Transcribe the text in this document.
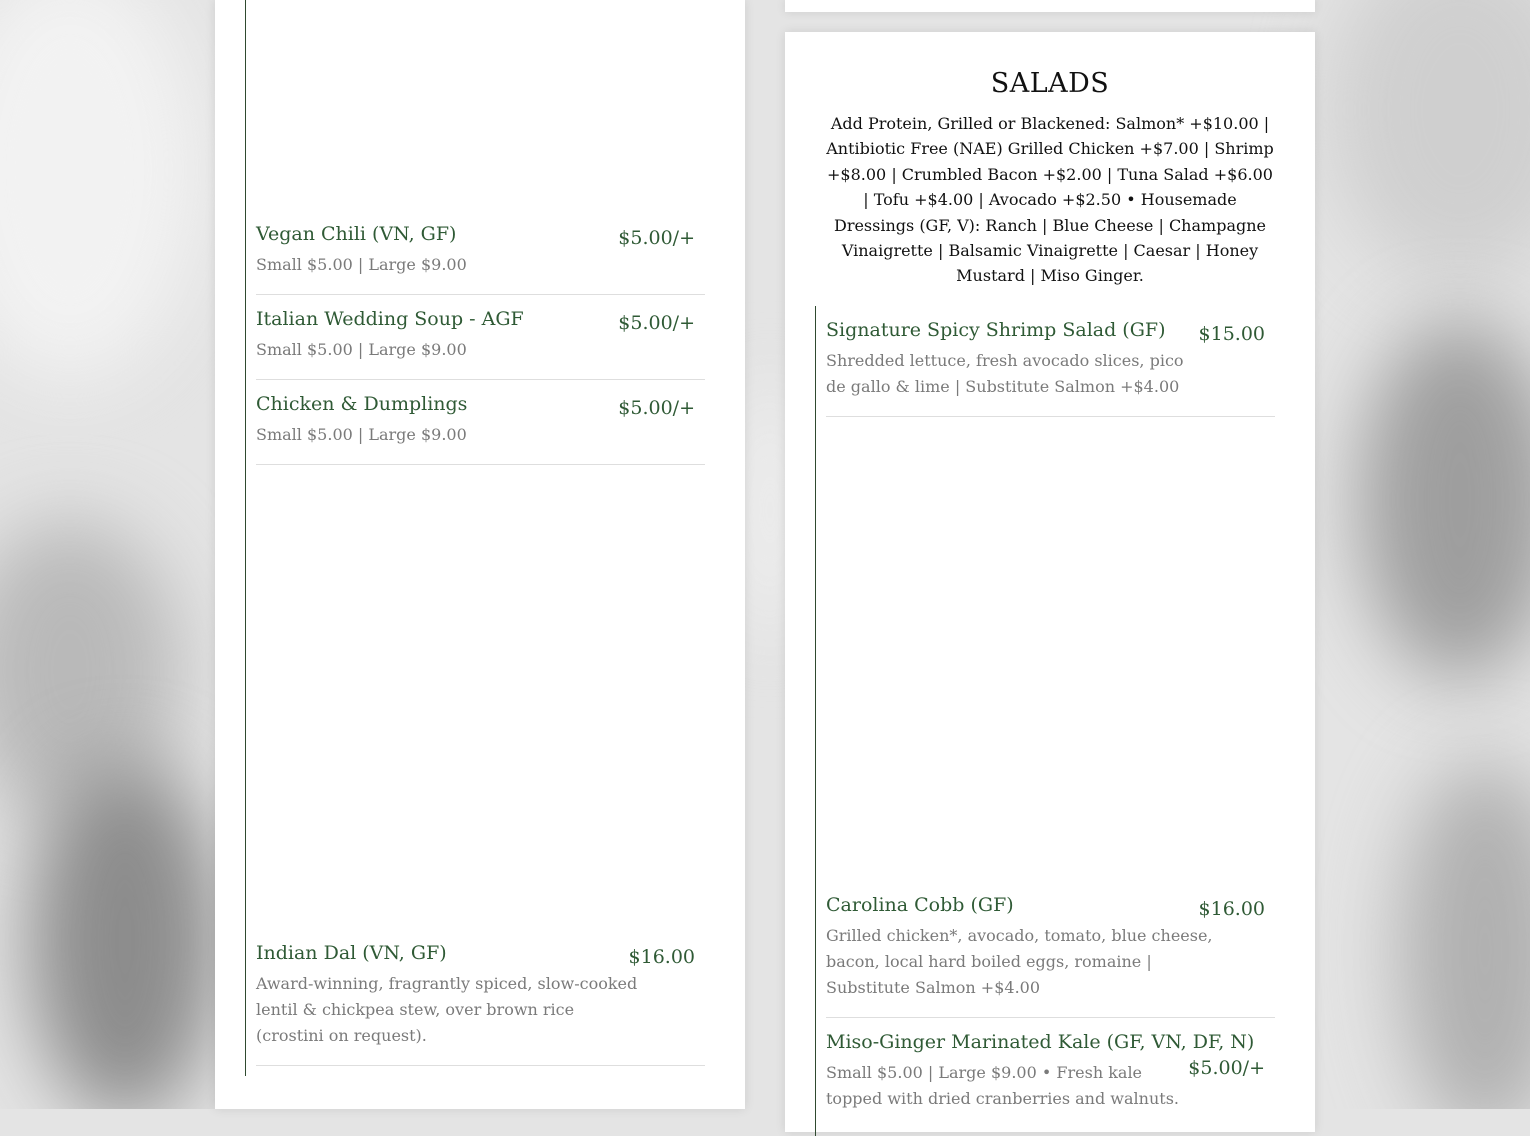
Vegan Chili (VN, GF)	$5.00/+
Small $5.00 | Large $9.00
Italian Wedding Soup - AGF	$5.00/+
Small $5.00 | Large $9.00
Chicken & Dumplings	$5.00/+
Small $5.00 | Large $9.00
Indian Dal (VN, GF)	$16.00
Award-winning, fragrantly spiced, slow-cooked lentil & chickpea stew, over brown rice (crostini on request).
SALADS
Add Protein, Grilled or Blackened: Salmon* +$10.00 | Antibiotic Free (NAE) Grilled Chicken +$7.00 | Shrimp +$8.00 | Crumbled Bacon +$2.00 | Tuna Salad +$6.00 | Tofu +$4.00 | Avocado +$2.50 • Housemade Dressings (GF, V): Ranch | Blue Cheese | Champagne Vinaigrette | Balsamic Vinaigrette | Caesar | Honey Mustard | Miso Ginger.
Signature Spicy Shrimp Salad (GF) $15.00
Shredded lettuce, fresh avocado slices, pico de gallo & lime | Substitute Salmon +$4.00
Carolina Cobb (GF)	$16.00
Grilled chicken*, avocado, tomato, blue cheese, bacon, local hard boiled eggs, romaine | Substitute Salmon +$4.00
Miso-Ginger Marinated Kale (GF, VN, DF, N)
$5.00/+
Small $5.00 | Large $9.00 • Fresh kale topped with dried cranberries and walnuts.
